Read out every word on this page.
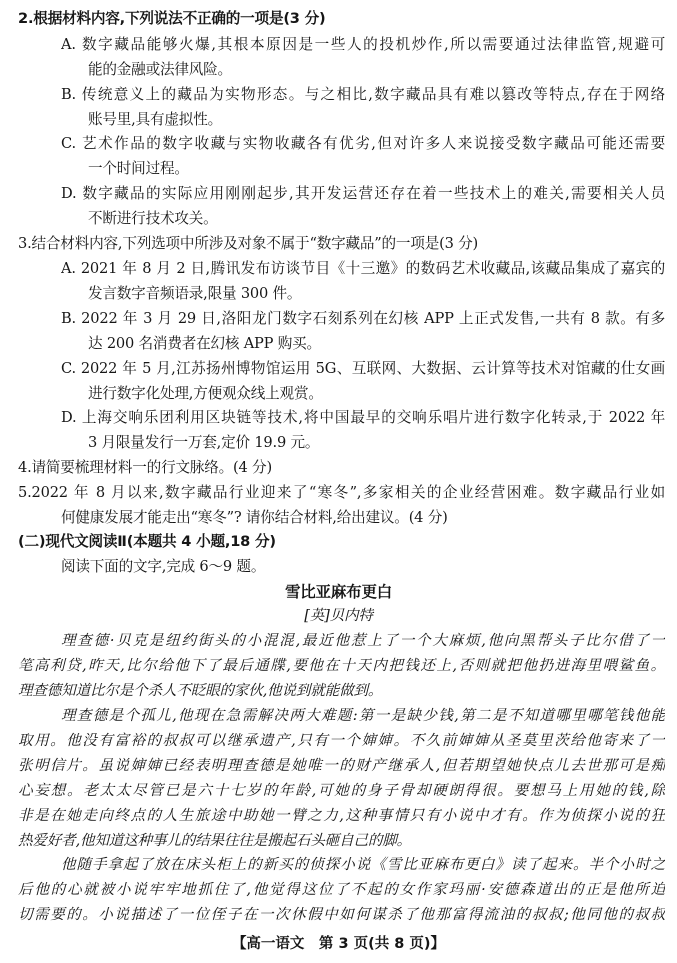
2.根据材料内容,下列说法不正确的一项是(3 分)
A. 数字藏品能够火爆,其根本原因是一些人的投机炒作,所以需要通过法律监管,规避可
能的金融或法律风险。
B. 传统意义上的藏品为实物形态。与之相比,数字藏品具有难以篡改等特点,存在于网络
账号里,具有虚拟性。
C. 艺术作品的数字收藏与实物收藏各有优劣,但对许多人来说接受数字藏品可能还需要
一个时间过程。
D. 数字藏品的实际应用刚刚起步,其开发运营还存在着一些技术上的难关,需要相关人员
不断进行技术攻关。
3.结合材料内容,下列选项中所涉及对象不属于“数字藏品”的一项是(3 分)
A. 2021 年 8 月 2 日,腾讯发布访谈节目《十三邀》的数码艺术收藏品,该藏品集成了嘉宾的
发言数字音频语录,限量 300 件。
B. 2022 年 3 月 29 日,洛阳龙门数字石刻系列在幻核 APP 上正式发售,一共有 8 款。有多
达 200 名消费者在幻核 APP 购买。
C. 2022 年 5 月,江苏扬州博物馆运用 5G、互联网、大数据、云计算等技术对馆藏的仕女画
进行数字化处理,方便观众线上观赏。
D. 上海交响乐团利用区块链等技术,将中国最早的交响乐唱片进行数字化转录,于 2022 年
3 月限量发行一万套,定价 19.9 元。
4.请简要梳理材料一的行文脉络。(4 分)
5.2022 年 8 月以来,数字藏品行业迎来了“寒冬”,多家相关的企业经营困难。数字藏品行业如
何健康发展才能走出“寒冬”? 请你结合材料,给出建议。(4 分)
(二)现代文阅读Ⅱ(本题共 4 小题,18 分)
阅读下面的文字,完成 6～9 题。
雪比亚麻布更白
[英]贝内特
理查德·贝克是纽约街头的小混混,最近他惹上了一个大麻烦,他向黑帮头子比尔借了一
笔高利贷,昨天,比尔给他下了最后通牒,要他在十天内把钱还上,否则就把他扔进海里喂鲨鱼。
理查德知道比尔是个杀人不眨眼的家伙,他说到就能做到。
理查德是个孤儿,他现在急需解决两大难题:第一是缺少钱,第二是不知道哪里哪笔钱他能
取用。他没有富裕的叔叔可以继承遗产,只有一个婶婶。不久前婶婶从圣莫里茨给他寄来了一
张明信片。虽说婶婶已经表明理查德是她唯一的财产继承人,但若期望她快点儿去世那可是痴
心妄想。老太太尽管已是六十七岁的年龄,可她的身子骨却硬朗得很。要想马上用她的钱,除
非是在她走向终点的人生旅途中助她一臂之力,这种事情只有小说中才有。作为侦探小说的狂
热爱好者,他知道这种事儿的结果往往是搬起石头砸自己的脚。
他随手拿起了放在床头柜上的新买的侦探小说《雪比亚麻布更白》读了起来。半个小时之
后他的心就被小说牢牢地抓住了,他觉得这位了不起的女作家玛丽·安德森道出的正是他所迫
切需要的。小说描述了一位侄子在一次休假中如何谋杀了他那富得流油的叔叔;他同他的叔叔
【高一语文　第 3 页(共 8 页)】
